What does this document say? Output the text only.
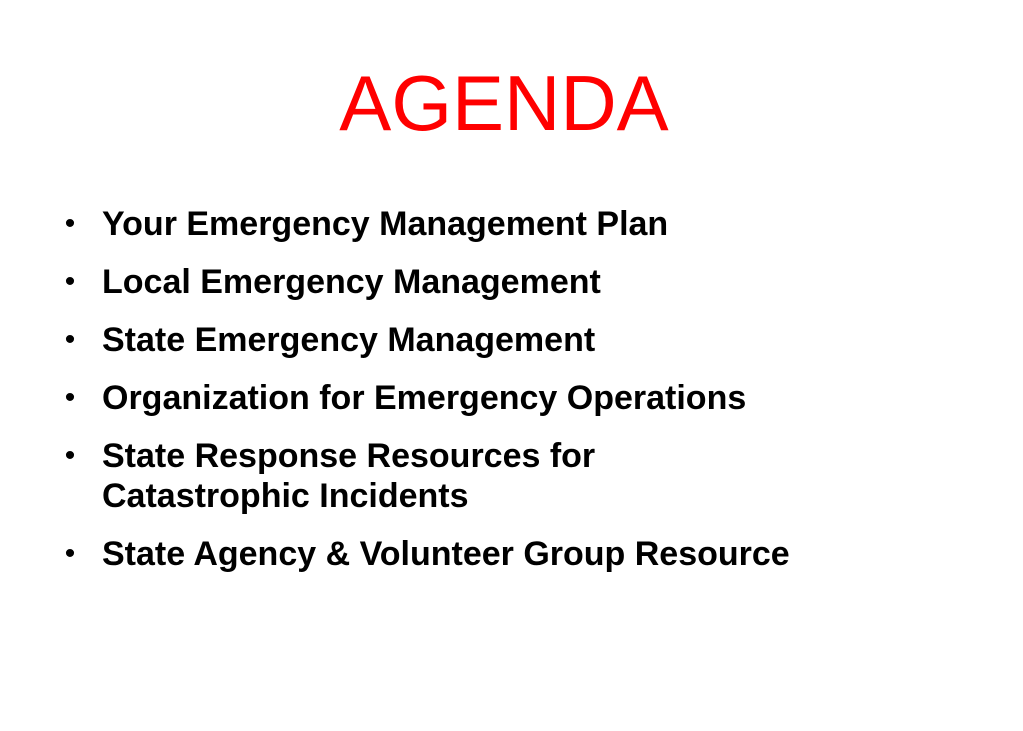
AGENDA
• Your Emergency Management Plan
• Local Emergency Management
• State Emergency Management
• Organization for Emergency Operations
• State Response Resources for
Catastrophic Incidents
• State Agency & Volunteer Group Resource
